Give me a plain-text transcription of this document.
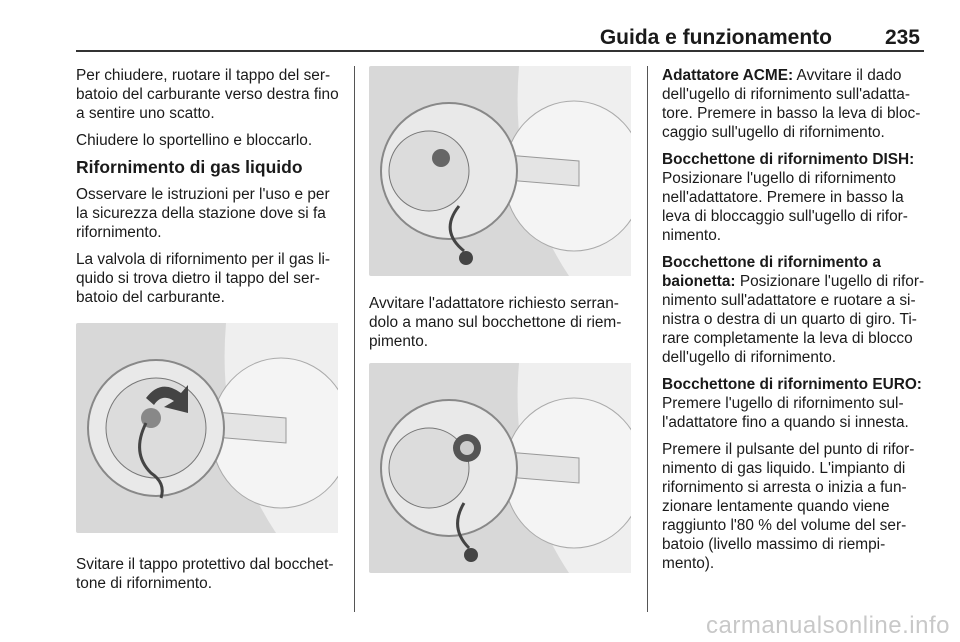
Guida e funzionamento	235

Per chiudere, ruotare il tappo del ser-batoio del carburante verso destra fino a sentire uno scatto.

Chiudere lo sportellino e bloccarlo.

Rifornimento di gas liquido

Osservare le istruzioni per l'uso e per la sicurezza della stazione dove si fa rifornimento.

La valvola di rifornimento per il gas li-quido si trova dietro il tappo del ser-batoio del carburante.

Svitare il tappo protettivo dal bocchet-tone di rifornimento.

Avvitare l'adattatore richiesto serran-dolo a mano sul bocchettone di riem-pimento.

Adattatore ACME: Avvitare il dado dell'ugello di rifornimento sull'adatta-tore. Premere in basso la leva di bloc-caggio sull'ugello di rifornimento.

Bocchettone di rifornimento DISH:
Posizionare l'ugello di rifornimento nell'adattatore. Premere in basso la leva di bloccaggio sull'ugello di rifor-nimento.

Bocchettone di rifornimento a baionetta: Posizionare l'ugello di rifor-nimento sull'adattatore e ruotare a si-nistra o destra di un quarto di giro. Ti-rare completamente la leva di blocco dell'ugello di rifornimento.

Bocchettone di rifornimento EURO:
Premere l'ugello di rifornimento sul-l'adattatore fino a quando si innesta.

Premere il pulsante del punto di rifor-nimento di gas liquido. L'impianto di rifornimento si arresta o inizia a fun-zionare lentamente quando viene raggiunto l'80 % del volume del ser-batoio (livello massimo di riempi-mento).

carmanualsonline.info
